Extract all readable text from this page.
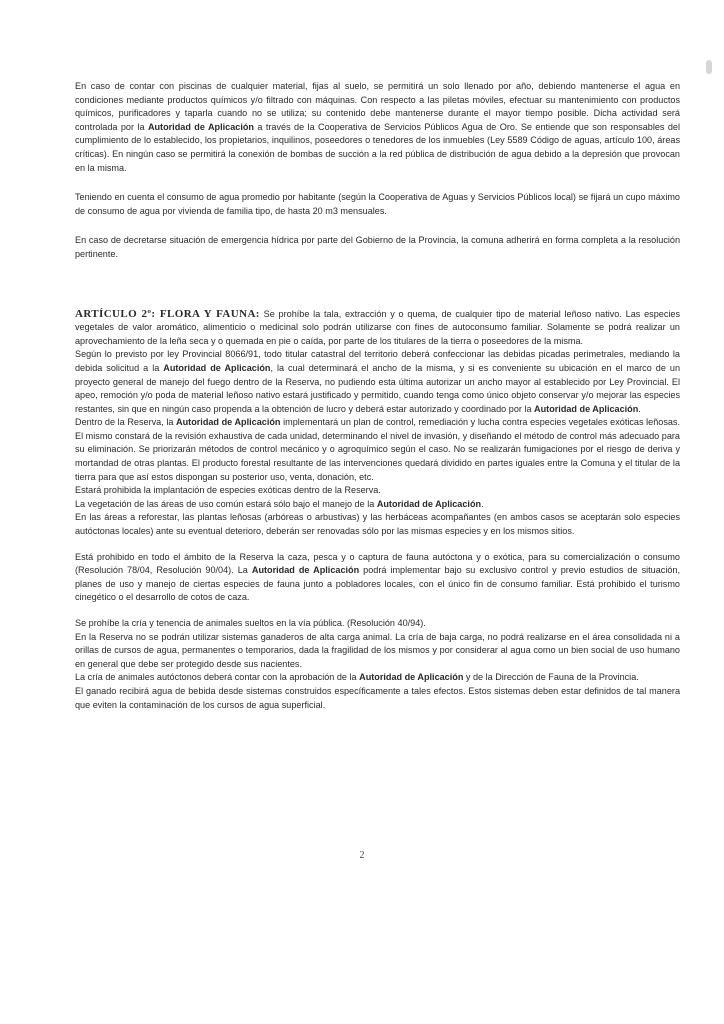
En caso de contar con piscinas de cualquier material, fijas al suelo, se permitirá un solo llenado por año, debiendo mantenerse el agua en condiciones mediante productos químicos y/o filtrado con máquinas. Con respecto a las piletas móviles, efectuar su mantenimiento con productos químicos, purificadores y taparla cuando no se utiliza; su contenido debe mantenerse durante el mayor tiempo posible. Dicha actividad será controlada por la Autoridad de Aplicación a través de la Cooperativa de Servicios Públicos Agua de Oro. Se entiende que son responsables del cumplimiento de lo establecido, los propietarios, inquilinos, poseedores o tenedores de los inmuebles (Ley 5589 Código de aguas, artículo 100, áreas críticas). En ningún caso se permitirá la conexión de bombas de succión a la red pública de distribución de agua debido a la depresión que provocan en la misma.

Teniendo en cuenta el consumo de agua promedio por habitante (según la Cooperativa de Aguas y Servicios Públicos local) se fijará un cupo máximo de consumo de agua por vivienda de familia tipo, de hasta 20 m3 mensuales.

En caso de decretarse situación de emergencia hídrica por parte del Gobierno de la Provincia, la comuna adherirá en forma completa a la resolución pertinente.

ARTÍCULO 2º: FLORA Y FAUNA: Se prohíbe la tala, extracción y o quema, de cualquier tipo de material leñoso nativo. Las especies vegetales de valor aromático, alimenticio o medicinal solo podrán utilizarse con fines de autoconsumo familiar. Solamente se podrá realizar un aprovechamiento de la leña seca y o quemada en pie o caída, por parte de los titulares de la tierra o poseedores de la misma.

Según lo previsto por ley Provincial 8066/91, todo titular catastral del territorio deberá confeccionar las debidas picadas perimetrales, mediando la debida solicitud a la Autoridad de Aplicación, la cual determinará el ancho de la misma, y si es conveniente su ubicación en el marco de un proyecto general de manejo del fuego dentro de la Reserva, no pudiendo esta última autorizar un ancho mayor al establecido por Ley Provincial. El apeo, remoción y/o poda de material leñoso nativo estará justificado y permitido, cuando tenga como único objeto conservar y/o mejorar las especies restantes, sin que en ningún caso propenda a la obtención de lucro y deberá estar autorizado y coordinado por la Autoridad de Aplicación.

Dentro de la Reserva, la Autoridad de Aplicación implementará un plan de control, remediación y lucha contra especies vegetales exóticas leñosas. El mismo constará de la revisión exhaustiva de cada unidad, determinando el nivel de invasión, y diseñando el método de control más adecuado para su eliminación. Se priorizarán métodos de control mecánico y o agroquímico según el caso. No se realizarán fumigaciones por el riesgo de deriva y mortandad de otras plantas. El producto forestal resultante de las intervenciones quedará dividido en partes iguales entre la Comuna y el titular de la tierra para que así estos dispongan su posterior uso, venta, donación, etc.

Estará prohibida la implantación de especies exóticas dentro de la Reserva.

La vegetación de las áreas de uso común estará sólo bajo el manejo de la Autoridad de Aplicación.

En las áreas a reforestar, las plantas leñosas (arbóreas o arbustivas) y las herbáceas acompañantes (en ambos casos se aceptarán solo especies autóctonas locales) ante su eventual deterioro, deberán ser renovadas sólo por las mismas especies y en los mismos sitios.

Está prohibido en todo el ámbito de la Reserva la caza, pesca y o captura de fauna autóctona y o exótica, para su comercialización o consumo (Resolución 78/04, Resolución 90/04). La Autoridad de Aplicación podrá implementar bajo su exclusivo control y previo estudios de situación, planes de uso y manejo de ciertas especies de fauna junto a pobladores locales, con el único fin de consumo familiar. Está prohibido el turismo cinegético o el desarrollo de cotos de caza.

Se prohíbe la cría y tenencia de animales sueltos en la vía pública. (Resolución 40/94).

En la Reserva no se podrán utilizar sistemas ganaderos de alta carga animal. La cría de baja carga, no podrá realizarse en el área consolidada ni a orillas de cursos de agua, permanentes o temporarios, dada la fragilidad de los mismos y por considerar al agua como un bien social de uso humano en general que debe ser protegido desde sus nacientes.

La cría de animales autóctonos deberá contar con la aprobación de la Autoridad de Aplicación y de la Dirección de Fauna de la Provincia.

El ganado recibirá agua de bebida desde sistemas construidos específicamente a tales efectos. Estos sistemas deben estar definidos de tal manera que eviten la contaminación de los cursos de agua superficial.

2
